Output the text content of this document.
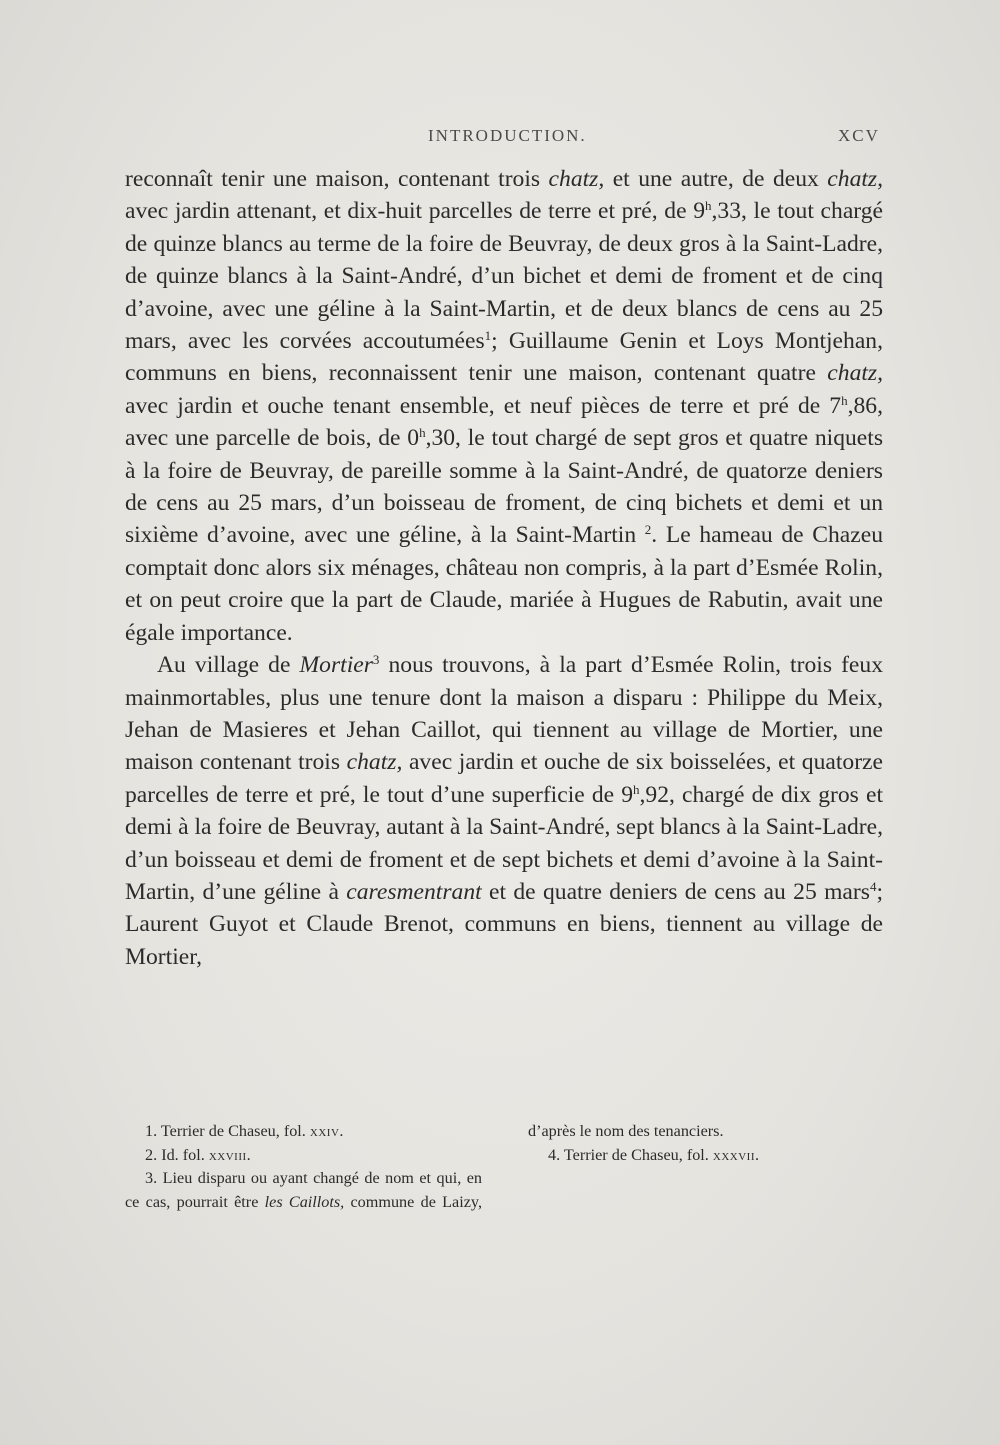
INTRODUCTION.	XCV

reconnaît tenir une maison, contenant trois chatz, et une autre, de deux chatz, avec jardin attenant, et dix-huit parcelles de terre et pré, de 9$^h$,33, le tout chargé de quinze blancs au terme de la foire de Beuvray, de deux gros à la Saint-Ladre, de quinze blancs à la Saint-André, d’un bichet et demi de froment et de cinq d’avoine, avec une géline à la Saint-Martin, et de deux blancs de cens au 25 mars, avec les corvées accoutumées$^1$; Guillaume Genin et Loys Montjehan, communs en biens, reconnaissent tenir une maison, contenant quatre chatz, avec jardin et ouche tenant ensemble, et neuf pièces de terre et pré de 7$^h$,86, avec une parcelle de bois, de 0$^h$,30, le tout chargé de sept gros et quatre niquets à la foire de Beuvray, de pareille somme à la Saint-André, de quatorze deniers de cens au 25 mars, d’un boisseau de froment, de cinq bichets et demi et un sixième d’avoine, avec une géline, à la Saint-Martin $^2$. Le hameau de Chazeu comptait donc alors six ménages, château non compris, à la part d’Esmée Rolin, et on peut croire que la part de Claude, mariée à Hugues de Rabutin, avait une égale importance.

Au village de Mortier$^3$ nous trouvons, à la part d’Esmée Rolin, trois feux mainmortables, plus une tenure dont la maison a disparu : Philippe du Meix, Jehan de Masieres et Jehan Caillot, qui tiennent au village de Mortier, une maison contenant trois chatz, avec jardin et ouche de six boisselées, et quatorze parcelles de terre et pré, le tout d’une superficie de 9$^h$,92, chargé de dix gros et demi à la foire de Beuvray, autant à la Saint-André, sept blancs à la Saint-Ladre, d’un boisseau et demi de froment et de sept bichets et demi d’avoine à la Saint-Martin, d’une géline à caresmentrant et de quatre deniers de cens au 25 mars$^4$; Laurent Guyot et Claude Brenot, communs en biens, tiennent au village de Mortier,

1. Terrier de Chaseu, fol. xxiv.

2. Id. fol. xxviii.

3. Lieu disparu ou ayant changé de nom et qui, en ce cas, pourrait être les Caillots, commune de Laizy, d’après le nom des tenanciers.

4. Terrier de Chaseu, fol. xxxvii.
